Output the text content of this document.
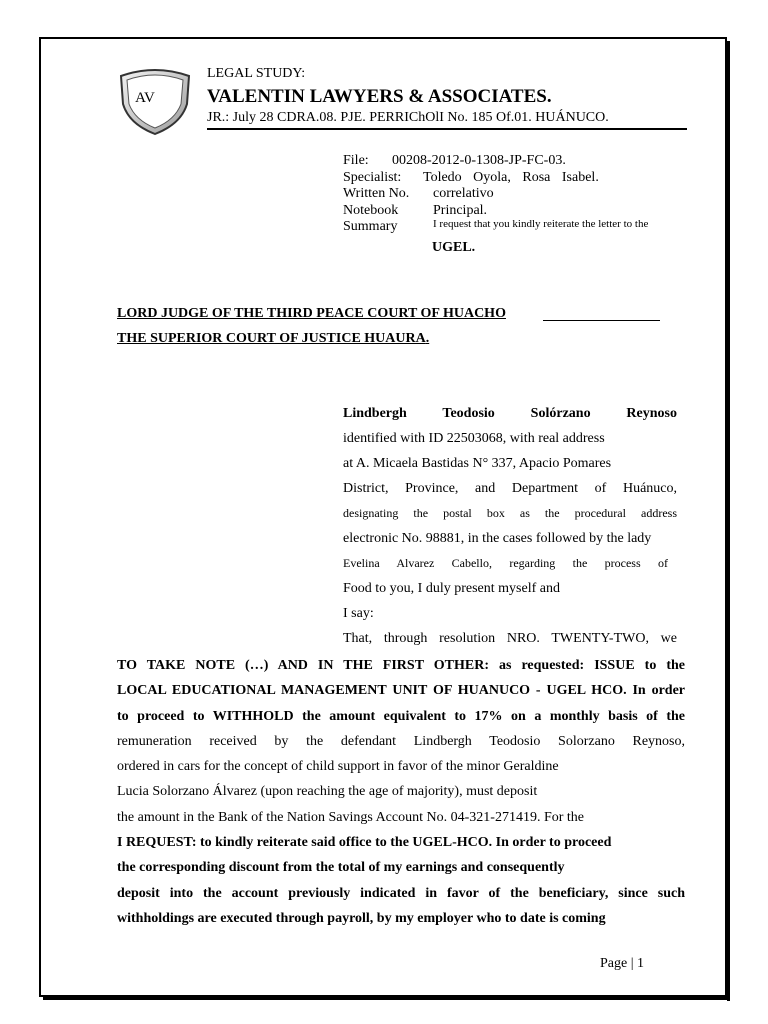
AV
LEGAL STUDY:
VALENTIN LAWYERS & ASSOCIATES.
JR.: July 28 CDRA.08. PJE. PERRIChOlI No. 185 Of.01. HUÁNUCO.
File: 00208-2012-0-1308-JP-FC-03.
Specialist: Toledo Oyola, Rosa Isabel.
Written No. correlativo
Notebook Principal.
Summary	I request that you kindly reiterate the letter to the
UGEL.
LORD JUDGE OF THE THIRD PEACE COURT OF HUACHO
THE SUPERIOR COURT OF JUSTICE HUAURA.
Lindbergh Teodosio Solórzano Reynoso
identified with ID 22503068, with real address
at A. Micaela Bastidas N° 337, Apacio Pomares
District, Province, and Department of Huánuco,
designating the postal box as the procedural address
electronic No. 98881, in the cases followed by the lady
Evelina Alvarez Cabello, regarding the process of
Food to you, I duly present myself and
I say:
That, through resolution NRO. TWENTY-TWO, we
TO TAKE NOTE (…) AND IN THE FIRST OTHER: as requested: ISSUE to the
LOCAL EDUCATIONAL MANAGEMENT UNIT OF HUANUCO - UGEL HCO. In order
to proceed to WITHHOLD the amount equivalent to 17% on a monthly basis of the
remuneration received by the defendant Lindbergh Teodosio Solorzano Reynoso,
ordered in cars for the concept of child support in favor of the minor Geraldine
Lucia Solorzano Álvarez (upon reaching the age of majority), must deposit
the amount in the Bank of the Nation Savings Account No. 04-321-271419. For the
I REQUEST: to kindly reiterate said office to the UGEL-HCO. In order to proceed
the corresponding discount from the total of my earnings and consequently
deposit into the account previously indicated in favor of the beneficiary, since such
withholdings are executed through payroll, by my employer who to date is coming
Page | 1
